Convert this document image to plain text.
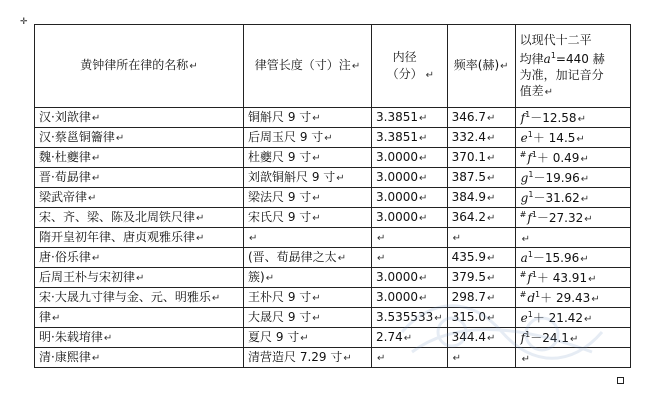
✛
黄钟律所在律的名称↵	律管长度（寸）注↵	内径（分） ↵	频率(赫)↵	以现代十二平
均律$a^1=440$ 赫
为准，加记音分
值差↵

汉·刘歆律↵	铜斛尺 9 寸↵	3.3851↵	346.7↵	$f^1-12.58↵$
汉·蔡邕铜籥律↵	后周玉尺 9 寸↵	3.3851↵	332.4↵	$e^1+$ 14.5↵
魏·杜夔律↵	杜夔尺 9 寸↵	3.0000↵	370.1↵	$^{\#}f^1+$ 0.49↵
晋·荀勗律↵	刘歆铜斛尺 9 寸↵	3.0000↵	387.5↵	$g^1-19.96↵$
梁武帝律↵	梁法尺 9 寸↵	3.0000↵	384.9↵	$g^1-31.62↵$
宋、齐、梁、陈及北周铁尺律↵	宋氏尺 9 寸↵	3.0000↵	364.2↵	$^{\#}f^1-27.32↵$
隋开皇初年律、唐贞观雅乐律↵	↵	↵	↵	↵
唐·俗乐律↵	(晋、荀勗律之太↵	↵	435.9↵	$a^1-15.96↵$
后周王朴与宋初律↵	簇)↵	3.0000↵	379.5↵	$^{\#}f^1+$ 43.91↵
宋·大晟九寸律与金、元、明雅乐↵	王朴尺 9 寸↵	3.0000↵	298.7↵	$^{\#}d^1+$ 29.43↵
律↵	大晟尺 9 寸↵	3.535533↵	315.0↵	$e^1+$ 21.42↵
明·朱载堉律↵	夏尺 9 寸↵	2.74↵	344.4↵	$f^1-24.1↵$
清·康熙律↵	清营造尺 7.29 寸↵	↵	↵	↵
